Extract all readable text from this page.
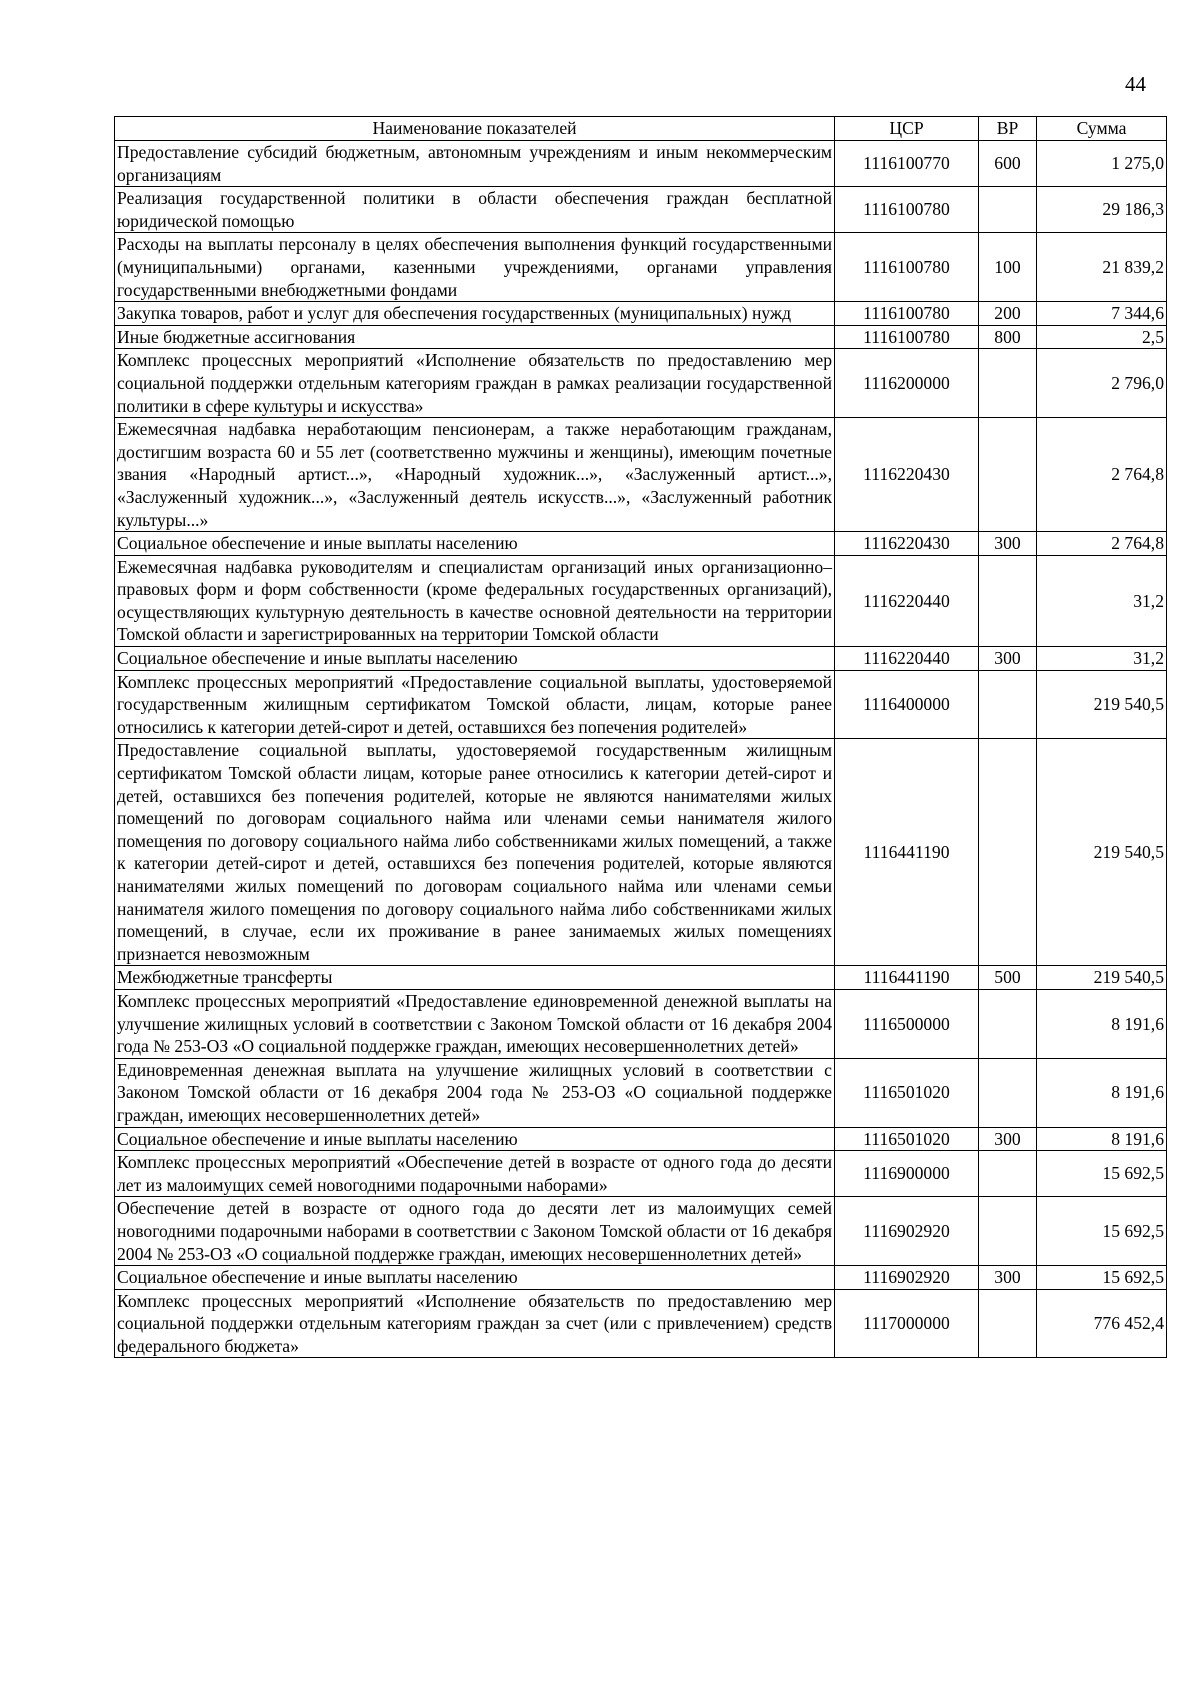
44
Наименование показателей	ЦСР	ВР	Сумма
Предоставление субсидий бюджетным, автономным учреждениям и иным некоммерческим организациям	1116100770	600	1 275,0
Реализация государственной политики в области обеспечения граждан бесплатной юридической помощью	1116100780		29 186,3
Расходы на выплаты персоналу в целях обеспечения выполнения функций государственными (муниципальными) органами, казенными учреждениями, органами управления государственными внебюджетными фондами	1116100780	100	21 839,2
Закупка товаров, работ и услуг для обеспечения государственных (муниципальных) нужд	1116100780	200	7 344,6
Иные бюджетные ассигнования	1116100780	800	2,5
Комплекс процессных мероприятий «Исполнение обязательств по предоставлению мер социальной поддержки отдельным категориям граждан в рамках реализации государственной политики в сфере культуры и искусства»	1116200000		2 796,0
Ежемесячная надбавка неработающим пенсионерам, а также неработающим гражданам, достигшим возраста 60 и 55 лет (соответственно мужчины и женщины), имеющим почетные звания «Народный артист...», «Народный художник...», «Заслуженный артист...», «Заслуженный художник...», «Заслуженный деятель искусств...», «Заслуженный работник культуры...»	1116220430		2 764,8
Социальное обеспечение и иные выплаты населению	1116220430	300	2 764,8
Ежемесячная надбавка руководителям и специалистам организаций иных организационно–правовых форм и форм собственности (кроме федеральных государственных организаций), осуществляющих культурную деятельность в качестве основной деятельности на территории Томской области и зарегистрированных на территории Томской области	1116220440		31,2
Социальное обеспечение и иные выплаты населению	1116220440	300	31,2
Комплекс процессных мероприятий «Предоставление социальной выплаты, удостоверяемой государственным жилищным сертификатом Томской области, лицам, которые ранее относились к категории детей-сирот и детей, оставшихся без попечения родителей»	1116400000		219 540,5
Предоставление социальной выплаты, удостоверяемой государственным жилищным сертификатом Томской области лицам, которые ранее относились к категории детей-сирот и детей, оставшихся без попечения родителей, которые не являются нанимателями жилых помещений по договорам социального найма или членами семьи нанимателя жилого помещения по договору социального найма либо собственниками жилых помещений, а также к категории детей-сирот и детей, оставшихся без попечения родителей, которые являются нанимателями жилых помещений по договорам социального найма или членами семьи нанимателя жилого помещения по договору социального найма либо собственниками жилых помещений, в случае, если их проживание в ранее занимаемых жилых помещениях признается невозможным	1116441190		219 540,5
Межбюджетные трансферты	1116441190	500	219 540,5
Комплекс процессных мероприятий «Предоставление единовременной денежной выплаты на улучшение жилищных условий в соответствии с Законом Томской области от 16 декабря 2004 года № 253-ОЗ «О социальной поддержке граждан, имеющих несовершеннолетних детей»	1116500000		8 191,6
Единовременная денежная выплата на улучшение жилищных условий в соответствии с Законом Томской области от 16 декабря 2004 года № 253-ОЗ «О социальной поддержке граждан, имеющих несовершеннолетних детей»	1116501020		8 191,6
Социальное обеспечение и иные выплаты населению	1116501020	300	8 191,6
Комплекс процессных мероприятий «Обеспечение детей в возрасте от одного года до десяти лет из малоимущих семей новогодними подарочными наборами»	1116900000		15 692,5
Обеспечение детей в возрасте от одного года до десяти лет из малоимущих семей новогодними подарочными наборами в соответствии с Законом Томской области от 16 декабря 2004 № 253-ОЗ «О социальной поддержке граждан, имеющих несовершеннолетних детей»	1116902920		15 692,5
Социальное обеспечение и иные выплаты населению	1116902920	300	15 692,5
Комплекс процессных мероприятий «Исполнение обязательств по предоставлению мер социальной поддержки отдельным категориям граждан за счет (или с привлечением) средств федерального бюджета»	1117000000		776 452,4
